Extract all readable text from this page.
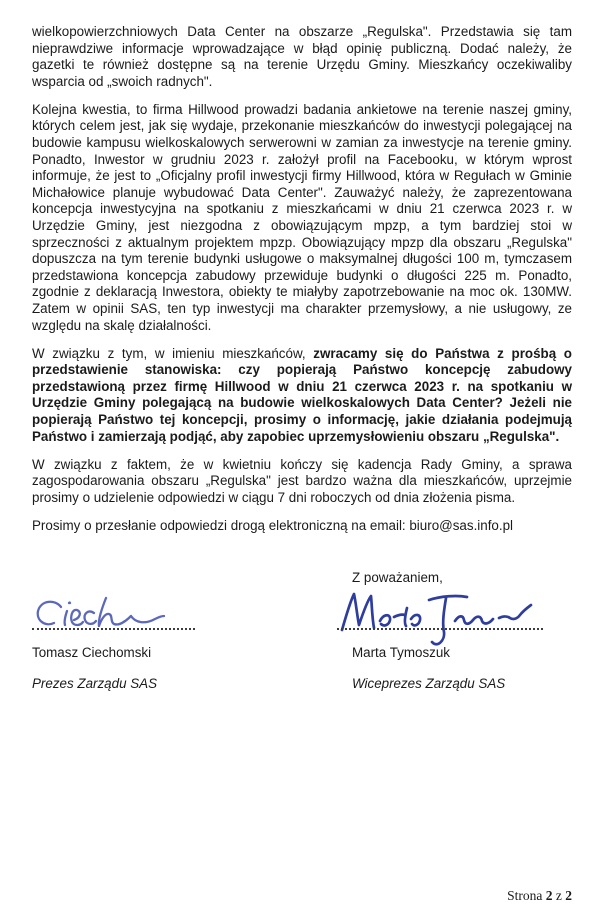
wielkopowierzchniowych Data Center na obszarze „Regulska". Przedstawia się tam nieprawdziwe informacje wprowadzające w błąd opinię publiczną. Dodać należy, że gazetki te również dostępne są na terenie Urzędu Gminy. Mieszkańcy oczekiwaliby wsparcia od „swoich radnych".

Kolejna kwestia, to firma Hillwood prowadzi badania ankietowe na terenie naszej gminy, których celem jest, jak się wydaje, przekonanie mieszkańców do inwestycji polegającej na budowie kampusu wielkoskalowych serwerowni w zamian za inwestycje na terenie gminy. Ponadto, Inwestor w grudniu 2023 r. założył profil na Facebooku, w którym wprost informuje, że jest to „Oficjalny profil inwestycji firmy Hillwood, która w Regułach w Gminie Michałowice planuje wybudować Data Center". Zauważyć należy, że zaprezentowana koncepcja inwestycyjna na spotkaniu z mieszkańcami w dniu 21 czerwca 2023 r. w Urzędzie Gminy, jest niezgodna z obowiązującym mpzp, a tym bardziej stoi w sprzeczności z aktualnym projektem mpzp. Obowiązujący mpzp dla obszaru „Regulska" dopuszcza na tym terenie budynki usługowe o maksymalnej długości 100 m, tymczasem przedstawiona koncepcja zabudowy przewiduje budynki o długości 225 m. Ponadto, zgodnie z deklaracją Inwestora, obiekty te miałyby zapotrzebowanie na moc ok. 130MW. Zatem w opinii SAS, ten typ inwestycji ma charakter przemysłowy, a nie usługowy, ze względu na skalę działalności.

W związku z tym, w imieniu mieszkańców, zwracamy się do Państwa z prośbą o przedstawienie stanowiska: czy popierają Państwo koncepcję zabudowy przedstawioną przez firmę Hillwood w dniu 21 czerwca 2023 r. na spotkaniu w Urzędzie Gminy polegającą na budowie wielkoskalowych Data Center? Jeżeli nie popierają Państwo tej koncepcji, prosimy o informację, jakie działania podejmują Państwo i zamierzają podjąć, aby zapobiec uprzemysłowieniu obszaru „Regulska".

W związku z faktem, że w kwietniu kończy się kadencja Rady Gminy, a sprawa zagospodarowania obszaru „Regulska" jest bardzo ważna dla mieszkańców, uprzejmie prosimy o udzielenie odpowiedzi w ciągu 7 dni roboczych od dnia złożenia pisma.

Prosimy o przesłanie odpowiedzi drogą elektroniczną na email: biuro@sas.info.pl

Z poważaniem,
Tomasz Ciechomski
Prezes Zarządu SAS
Marta Tymoszuk
Wiceprezes Zarządu SAS
Strona 2 z 2
